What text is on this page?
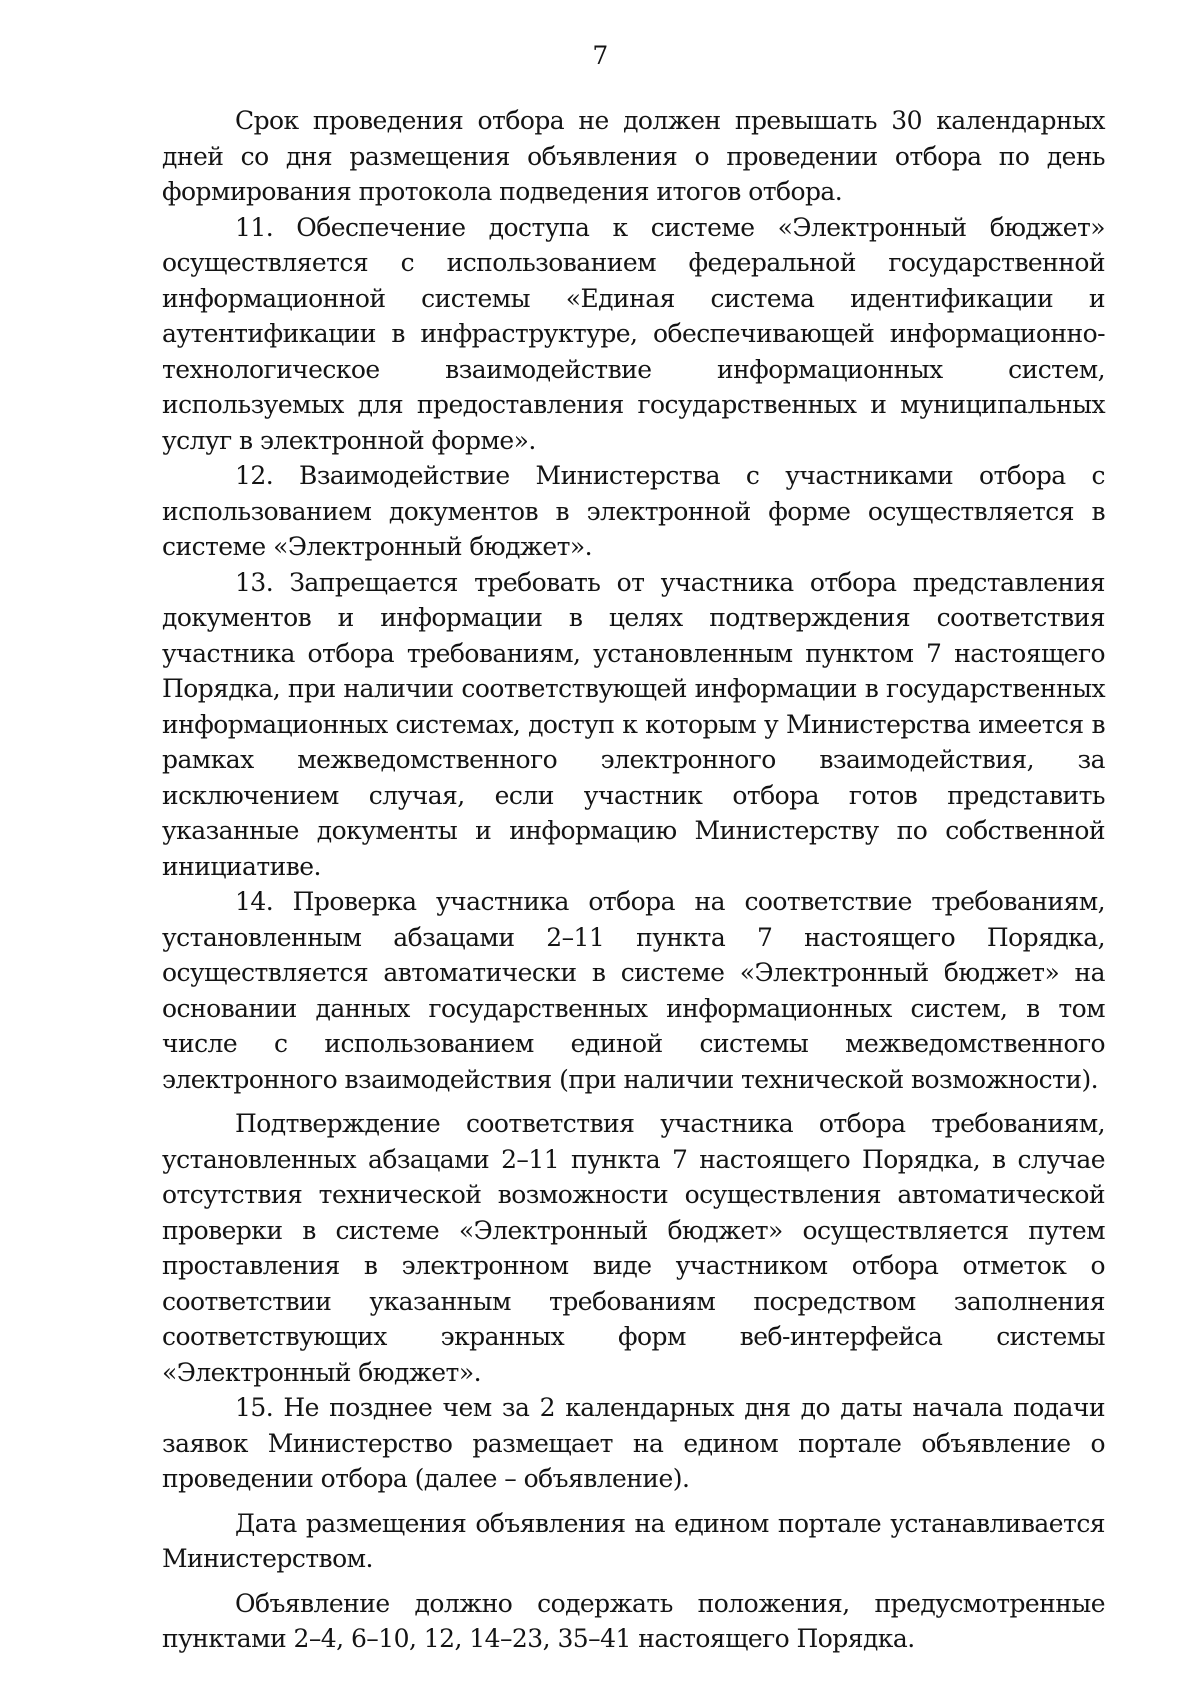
7

Срок проведения отбора не должен превышать 30 календарных дней со дня размещения объявления о проведении отбора по день формирования протокола подведения итогов отбора.

11. Обеспечение доступа к системе «Электронный бюджет» осуществляется с использованием федеральной государственной информационной системы «Единая система идентификации и аутентификации в инфраструктуре, обеспечивающей информационно-технологическое взаимодействие информационных систем, используемых для предоставления государственных и муниципальных услуг в электронной форме».

12. Взаимодействие Министерства с участниками отбора с использованием документов в электронной форме осуществляется в системе «Электронный бюджет».

13. Запрещается требовать от участника отбора представления документов и информации в целях подтверждения соответствия участника отбора требованиям, установленным пунктом 7 настоящего Порядка, при наличии соответствующей информации в государственных информационных системах, доступ к которым у Министерства имеется в рамках межведомственного электронного взаимодействия, за исключением случая, если участник отбора готов представить указанные документы и информацию Министерству по собственной инициативе.

14. Проверка участника отбора на соответствие требованиям, установленным абзацами 2–11 пункта 7 настоящего Порядка, осуществляется автоматически в системе «Электронный бюджет» на основании данных государственных информационных систем, в том числе с использованием единой системы межведомственного электронного взаимодействия (при наличии технической возможности).

Подтверждение соответствия участника отбора требованиям, установленных абзацами 2–11 пункта 7 настоящего Порядка, в случае отсутствия технической возможности осуществления автоматической проверки в системе «Электронный бюджет» осуществляется путем проставления в электронном виде участником отбора отметок о соответствии указанным требованиям посредством заполнения соответствующих экранных форм веб-интерфейса системы «Электронный бюджет».

15. Не позднее чем за 2 календарных дня до даты начала подачи заявок Министерство размещает на едином портале объявление о проведении отбора (далее – объявление).

Дата размещения объявления на едином портале устанавливается Министерством.

Объявление должно содержать положения, предусмотренные пунктами 2–4, 6–10, 12, 14–23, 35–41 настоящего Порядка.
